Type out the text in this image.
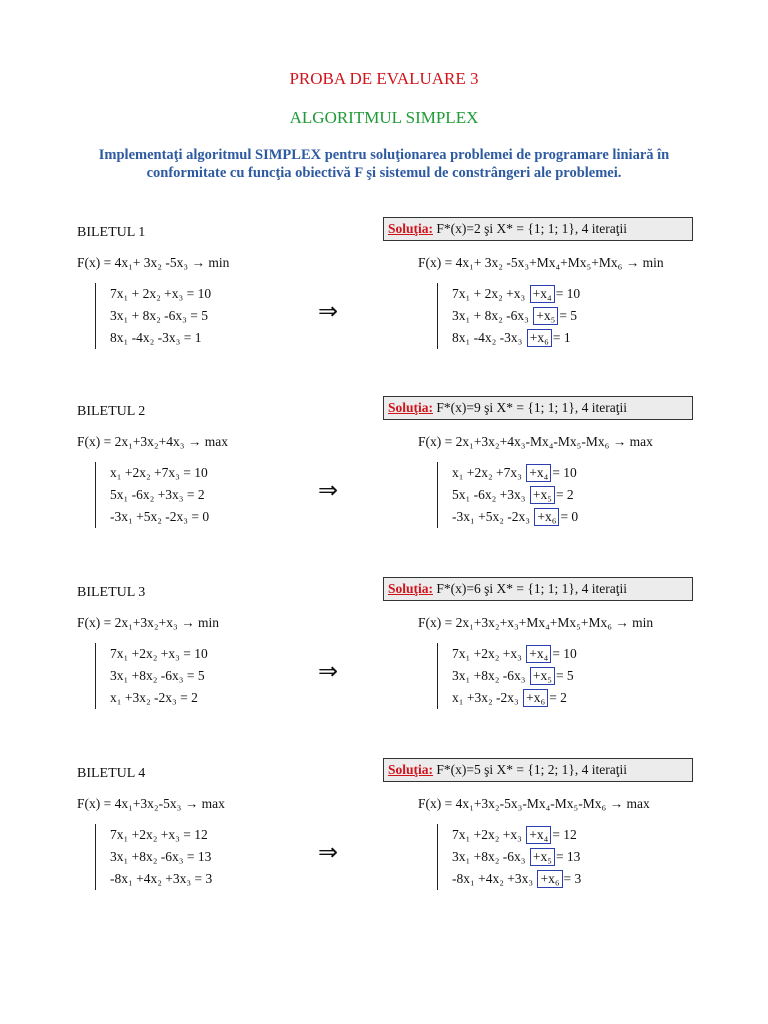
PROBA DE EVALUARE 3
ALGORITMUL SIMPLEX
Implementaţi algoritmul SIMPLEX pentru soluţionarea problemei de programare liniară în conformitate cu funcţia obiectivă F şi sistemul de constrângeri ale problemei.
BILETUL 1	Soluţia: F*(x)=2 şi X* = {1; 1; 1}, 4 iteraţii
F(x) = 4x₁+ 3x₂ -5x₃ → min	F(x) = 4x₁+ 3x₂ -5x₃+Mx₄+Mx₅+Mx₆ → min
7x₁ + 2x₂ +x₃ = 10
3x₁ + 8x₂ -6x₃ = 5
8x₁ -4x₂ -3x₃ = 1
⇒
7x₁ + 2x₂ +x₃ +x₄ = 10
3x₁ + 8x₂ -6x₃ +x₅ = 5
8x₁ -4x₂ -3x₃ +x₆ = 1
BILETUL 2	Soluţia: F*(x)=9 şi X* = {1; 1; 1}, 4 iteraţii
F(x) = 2x₁+3x₂+4x₃ → max	F(x) = 2x₁+3x₂+4x₃-Mx₄-Mx₅-Mx₆ → max
x₁ +2x₂ +7x₃ = 10
5x₁ -6x₂ +3x₃ = 2
-3x₁ +5x₂ -2x₃ = 0
⇒
x₁ +2x₂ +7x₃ +x₄ = 10
5x₁ -6x₂ +3x₃ +x₅ = 2
-3x₁ +5x₂ -2x₃ +x₆ = 0
BILETUL 3	Soluţia: F*(x)=6 şi X* = {1; 1; 1}, 4 iteraţii
F(x) = 2x₁+3x₂+x₃ → min	F(x) = 2x₁+3x₂+x₃+Mx₄+Mx₅+Mx₆ → min
7x₁ +2x₂ +x₃ = 10
3x₁ +8x₂ -6x₃ = 5
x₁ +3x₂ -2x₃ = 2
⇒
7x₁ +2x₂ +x₃ +x₄ = 10
3x₁ +8x₂ -6x₃ +x₅ = 5
x₁ +3x₂ -2x₃ +x₆ = 2
BILETUL 4	Soluţia: F*(x)=5 şi X* = {1; 2; 1}, 4 iteraţii
F(x) = 4x₁+3x₂-5x₃ → max	F(x) = 4x₁+3x₂-5x₃-Mx₄-Mx₅-Mx₆ → max
7x₁ +2x₂ +x₃ = 12
3x₁ +8x₂ -6x₃ = 13
-8x₁ +4x₂ +3x₃ = 3
⇒
7x₁ +2x₂ +x₃ +x₄ = 12
3x₁ +8x₂ -6x₃ +x₅ = 13
-8x₁ +4x₂ +3x₃ +x₆ = 3
